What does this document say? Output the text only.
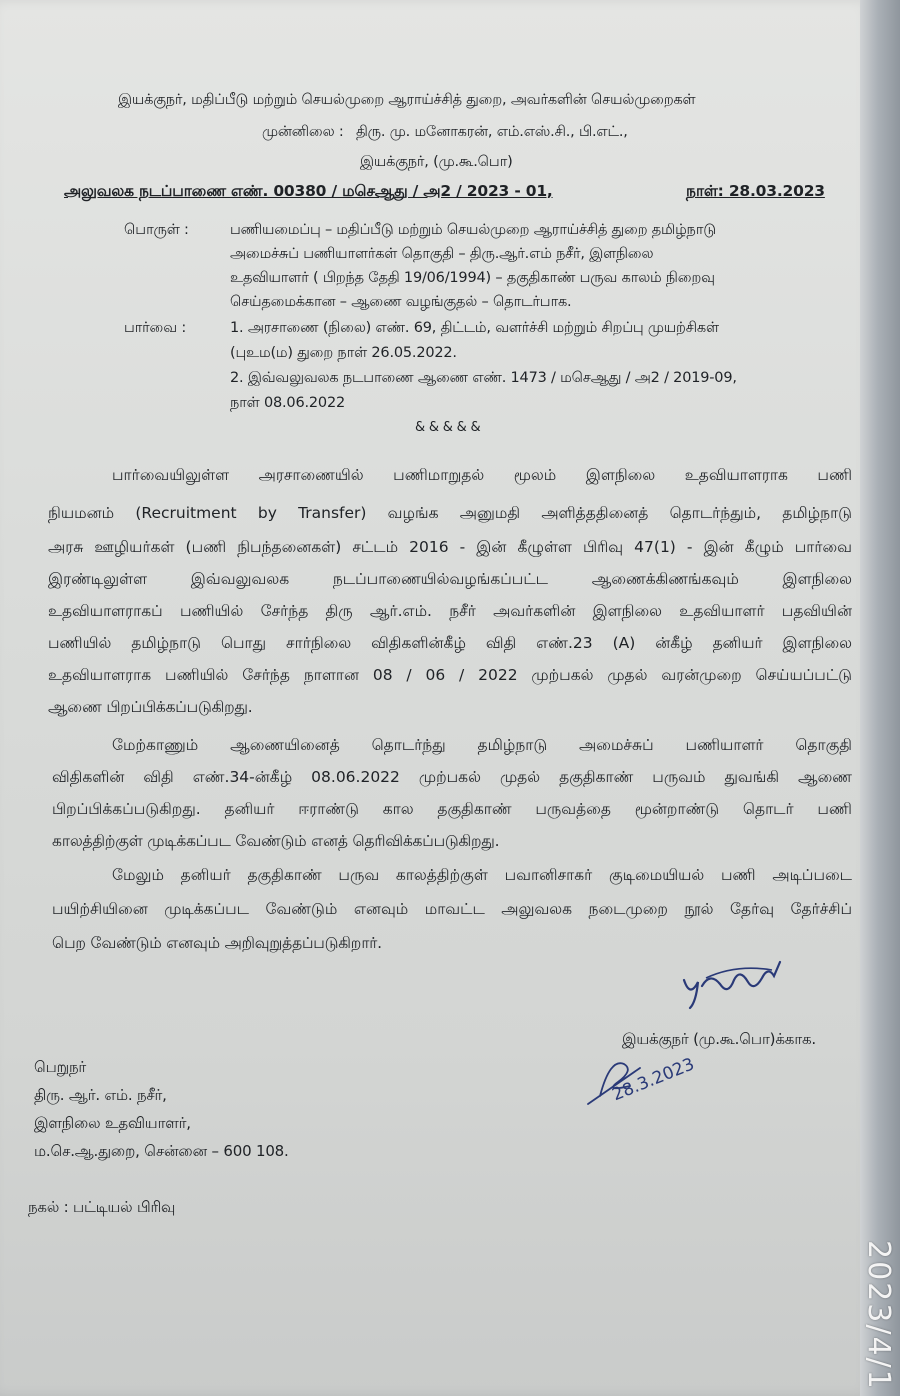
இயக்குநர், மதிப்பீடு மற்றும் செயல்முறை ஆராய்ச்சித் துறை, அவர்களின் செயல்முறைகள்
முன்னிலை : திரு. மு. மனோகரன், எம்.எஸ்.சி., பி.எட்.,
இயக்குநர், (மு.கூ.பொ)
அலுவலக நடப்பாணை எண். 00380 / மசெஆது / அ2 / 2023 - 01,	நாள்: 28.03.2023
பொருள் :	பணியமைப்பு – மதிப்பீடு மற்றும் செயல்முறை ஆராய்ச்சித் துறை தமிழ்நாடு
அமைச்சுப் பணியாளர்கள் தொகுதி – திரு.ஆர்.எம் நசீர், இளநிலை
உதவியாளர் ( பிறந்த தேதி 19/06/1994) – தகுதிகாண் பருவ காலம் நிறைவு
செய்தமைக்கான – ஆணை வழங்குதல் – தொடர்பாக.
பார்வை :	1. அரசாணை (நிலை) எண். 69, திட்டம், வளர்ச்சி மற்றும் சிறப்பு முயற்சிகள்
(புஉம(ம) துறை நாள் 26.05.2022.
2. இவ்வலுவலக நடபாணை ஆணை எண். 1473 / மசெஆது / அ2 / 2019-09,
நாள் 08.06.2022
& & & & &
பார்வையிலுள்ள அரசாணையில் பணிமாறுதல் மூலம் இளநிலை உதவியாளராக பணி
நியமனம் (Recruitment by Transfer) வழங்க அனுமதி அளித்ததினைத் தொடர்ந்தும், தமிழ்நாடு
அரசு ஊழியர்கள் (பணி நிபந்தனைகள்) சட்டம் 2016 - இன் கீழுள்ள பிரிவு 47(1) - இன் கீழும் பார்வை
இரண்டிலுள்ள இவ்வலுவலக நடப்பாணையில்வழங்கப்பட்ட ஆணைக்கிணங்கவும் இளநிலை
உதவியாளராகப் பணியில் சேர்ந்த திரு ஆர்.எம். நசீர் அவர்களின் இளநிலை உதவியாளர் பதவியின்
பணியில் தமிழ்நாடு பொது சார்நிலை விதிகளின்கீழ் விதி எண்.23 (A) ன்கீழ் தனியர் இளநிலை
உதவியாளராக பணியில் சேர்ந்த நாளான 08 / 06 / 2022 முற்பகல் முதல் வரன்முறை செய்யப்பட்டு
ஆணை பிறப்பிக்கப்படுகிறது.
மேற்காணும் ஆணையினைத் தொடர்ந்து தமிழ்நாடு அமைச்சுப் பணியாளர் தொகுதி
விதிகளின் விதி எண்.34-ன்கீழ் 08.06.2022 முற்பகல் முதல் தகுதிகாண் பருவம் துவங்கி ஆணை
பிறப்பிக்கப்படுகிறது. தனியர் ஈராண்டு கால தகுதிகாண் பருவத்தை மூன்றாண்டு தொடர் பணி
காலத்திற்குள் முடிக்கப்பட வேண்டும் எனத் தெரிவிக்கப்படுகிறது.
மேலும் தனியர் தகுதிகாண் பருவ காலத்திற்குள் பவானிசாகர் குடிமையியல் பணி அடிப்படை
பயிற்சியினை முடிக்கப்பட வேண்டும் எனவும் மாவட்ட அலுவலக நடைமுறை நூல் தேர்வு தேர்ச்சிப்
பெற வேண்டும் எனவும் அறிவுறுத்தப்படுகிறார்.
இயக்குநர் (மு.கூ.பொ)க்காக.
28.3.2023
பெறுநர்
திரு. ஆர். எம். நசீர்,
இளநிலை உதவியாளர்,
ம.செ.ஆ.துறை, சென்னை – 600 108.
நகல் : பட்டியல் பிரிவு
2023/4/1
